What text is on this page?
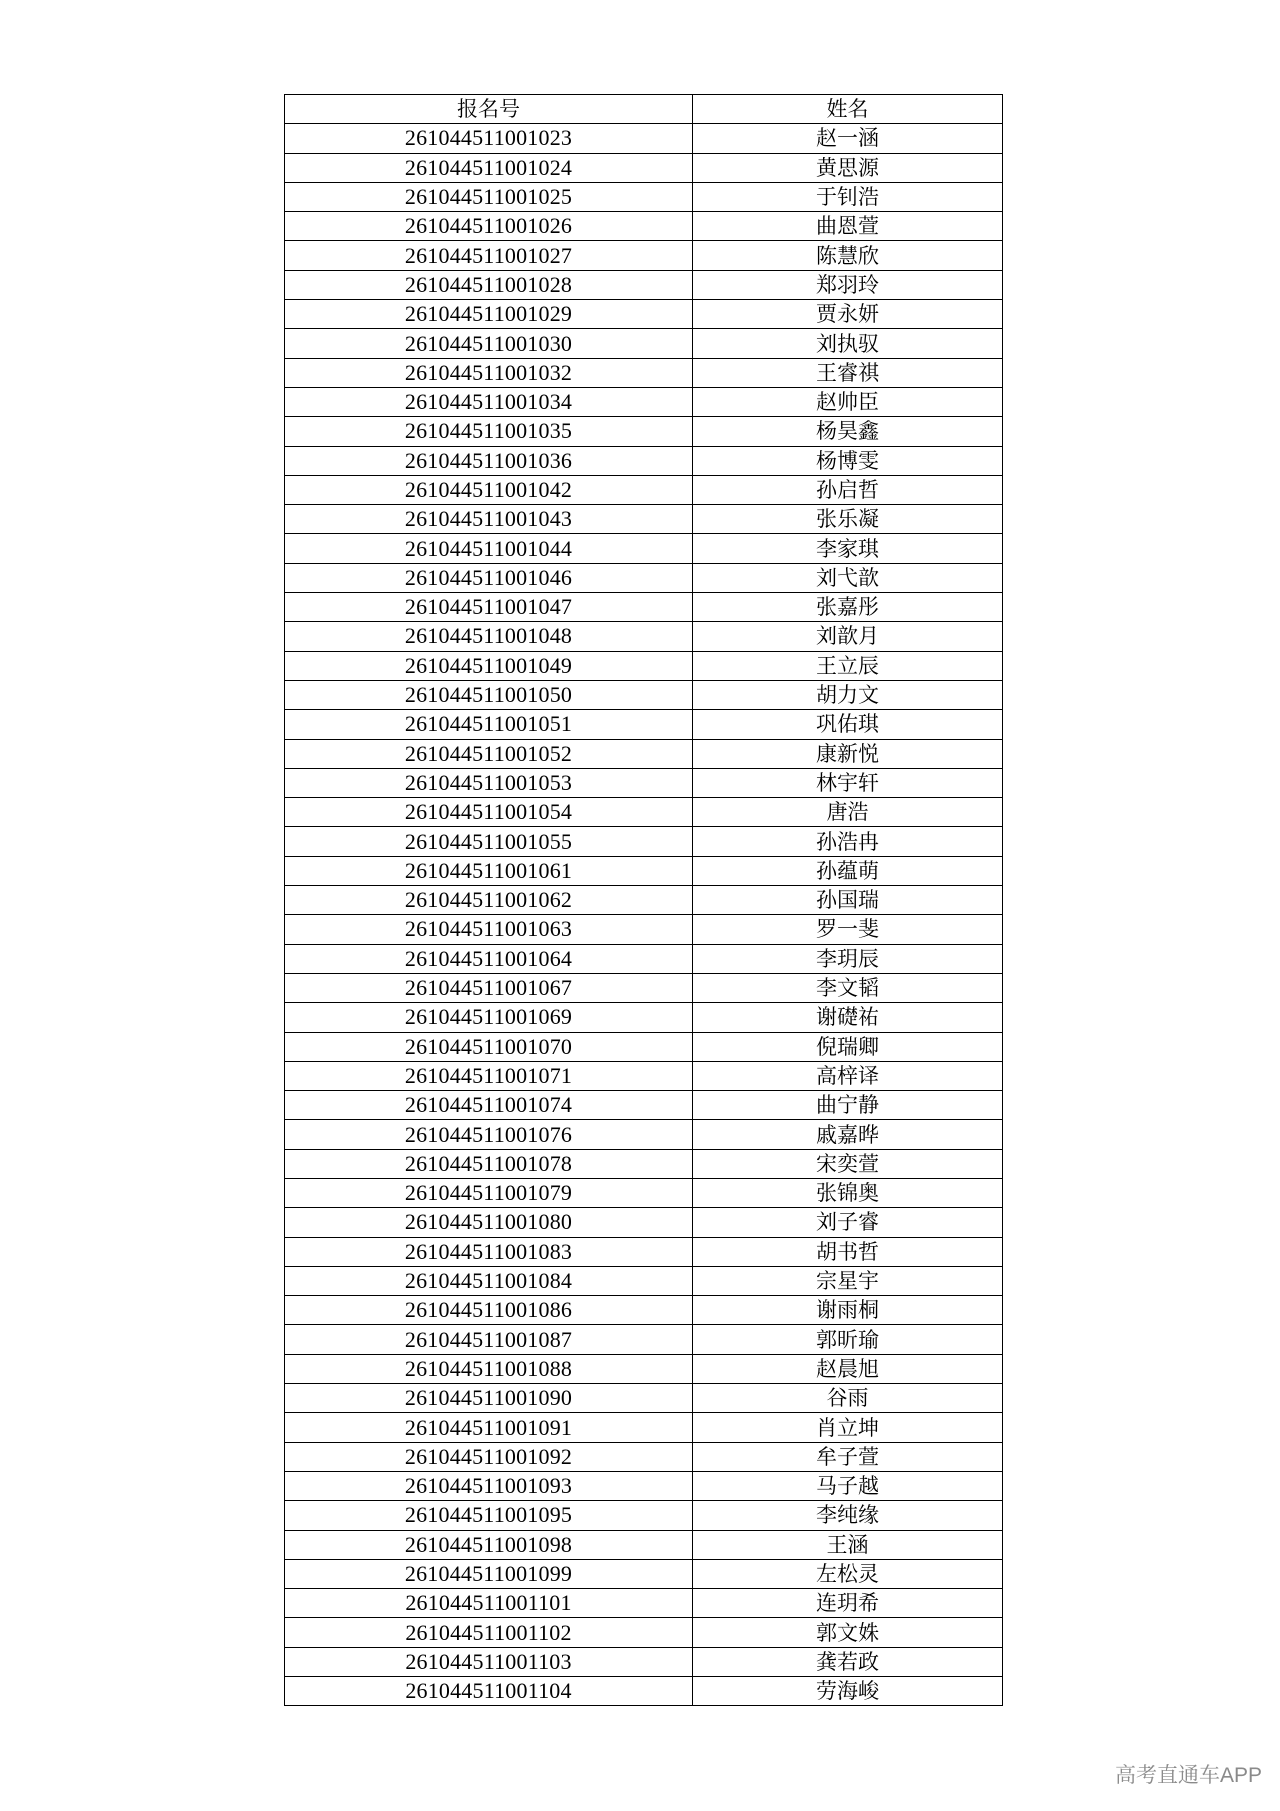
报名号	姓名
261044511001023	赵一涵
261044511001024	黄思源
261044511001025	于钊浩
261044511001026	曲恩萱
261044511001027	陈慧欣
261044511001028	郑羽玲
261044511001029	贾永妍
261044511001030	刘执驭
261044511001032	王睿祺
261044511001034	赵帅臣
261044511001035	杨昊鑫
261044511001036	杨博雯
261044511001042	孙启哲
261044511001043	张乐凝
261044511001044	李家琪
261044511001046	刘弋歆
261044511001047	张嘉彤
261044511001048	刘歆月
261044511001049	王立辰
261044511001050	胡力文
261044511001051	巩佑琪
261044511001052	康新悦
261044511001053	林宇轩
261044511001054	唐浩
261044511001055	孙浩冉
261044511001061	孙蕴萌
261044511001062	孙国瑞
261044511001063	罗一斐
261044511001064	李玥辰
261044511001067	李文韬
261044511001069	谢礎祐
261044511001070	倪瑞卿
261044511001071	高梓译
261044511001074	曲宁静
261044511001076	戚嘉晔
261044511001078	宋奕萱
261044511001079	张锦奥
261044511001080	刘子睿
261044511001083	胡书哲
261044511001084	宗星宇
261044511001086	谢雨桐
261044511001087	郭昕瑜
261044511001088	赵晨旭
261044511001090	谷雨
261044511001091	肖立坤
261044511001092	牟子萱
261044511001093	马子越
261044511001095	李纯缘
261044511001098	王涵
261044511001099	左松灵
261044511001101	连玥希
261044511001102	郭文姝
261044511001103	龚若政
261044511001104	劳海峻
高考直通车APP
